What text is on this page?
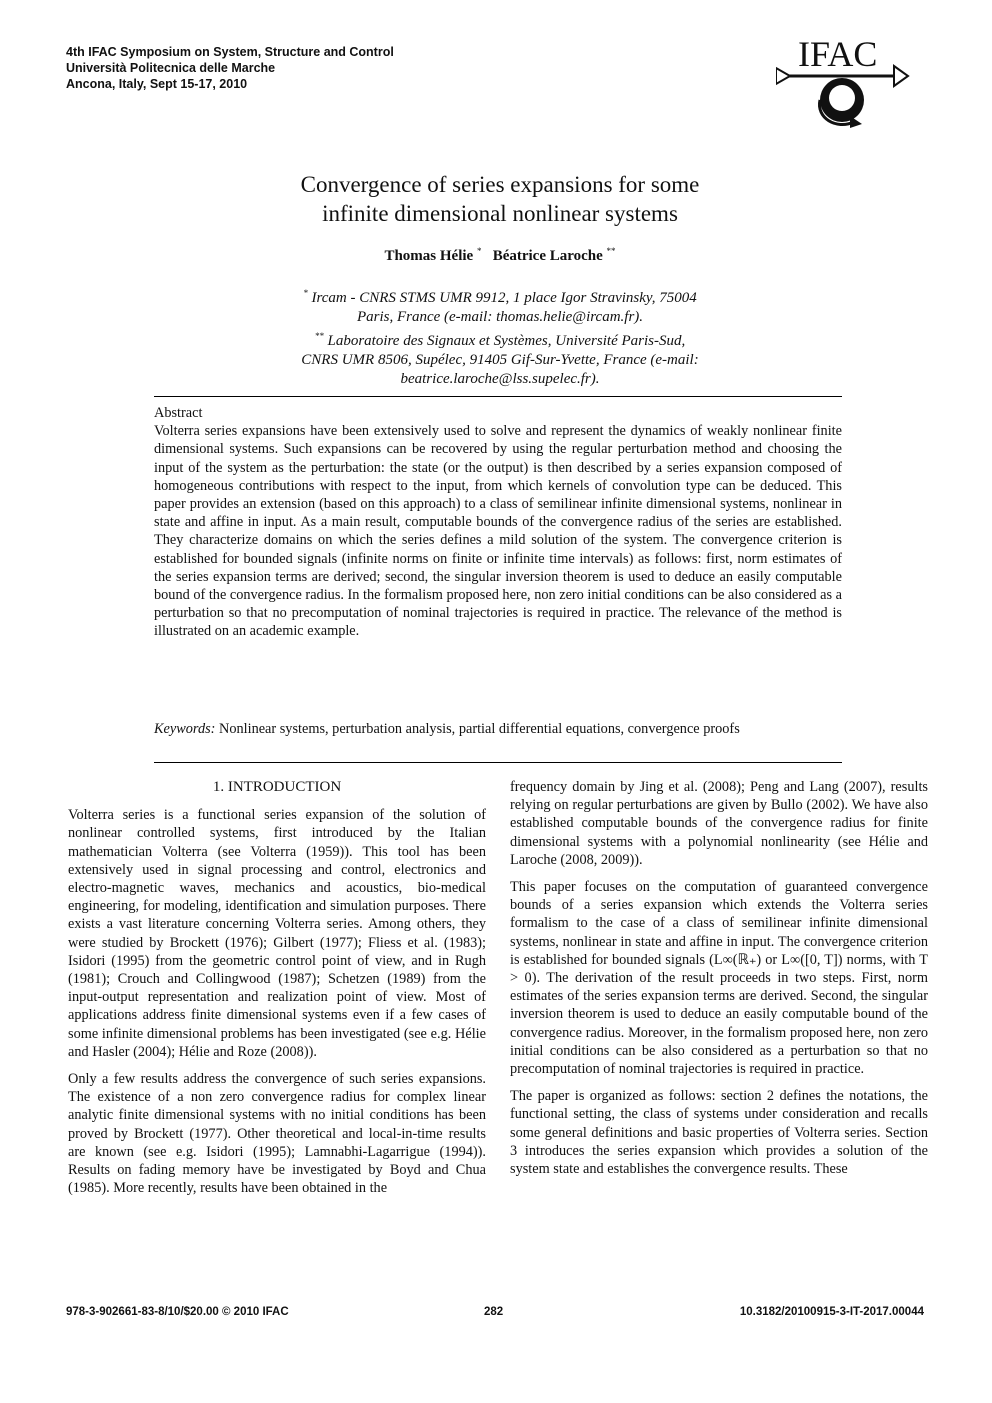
4th IFAC Symposium on System, Structure and Control
Università Politecnica delle Marche
Ancona, Italy, Sept 15-17, 2010
IFAC
Convergence of series expansions for some
infinite dimensional nonlinear systems
Thomas Hélie * Béatrice Laroche **
* Ircam - CNRS STMS UMR 9912, 1 place Igor Stravinsky, 75004
Paris, France (e-mail: thomas.helie@ircam.fr).
** Laboratoire des Signaux et Systèmes, Université Paris-Sud,
CNRS UMR 8506, Supélec, 91405 Gif-Sur-Yvette, France (e-mail:
beatrice.laroche@lss.supelec.fr).
Abstract

Volterra series expansions have been extensively used to solve and represent the dynamics of weakly nonlinear finite dimensional systems. Such expansions can be recovered by using the regular perturbation method and choosing the input of the system as the perturbation: the state (or the output) is then described by a series expansion composed of homogeneous contributions with respect to the input, from which kernels of convolution type can be deduced. This paper provides an extension (based on this approach) to a class of semilinear infinite dimensional systems, nonlinear in state and affine in input. As a main result, computable bounds of the convergence radius of the series are established. They characterize domains on which the series defines a mild solution of the system. The convergence criterion is established for bounded signals (infinite norms on finite or infinite time intervals) as follows: first, norm estimates of the series expansion terms are derived; second, the singular inversion theorem is used to deduce an easily computable bound of the convergence radius. In the formalism proposed here, non zero initial conditions can be also considered as a perturbation so that no precomputation of nominal trajectories is required in practice. The relevance of the method is illustrated on an academic example.

Keywords: Nonlinear systems, perturbation analysis, partial differential equations, convergence proofs
1. INTRODUCTION

Volterra series is a functional series expansion of the solution of nonlinear controlled systems, first introduced by the Italian mathematician Volterra (see Volterra (1959)). This tool has been extensively used in signal processing and control, electronics and electro-magnetic waves, mechanics and acoustics, bio-medical engineering, for modeling, identification and simulation purposes. There exists a vast literature concerning Volterra series. Among others, they were studied by Brockett (1976); Gilbert (1977); Fliess et al. (1983); Isidori (1995) from the geometric control point of view, and in Rugh (1981); Crouch and Collingwood (1987); Schetzen (1989) from the input-output representation and realization point of view. Most of applications address finite dimensional systems even if a few cases of some infinite dimensional problems has been investigated (see e.g. Hélie and Hasler (2004); Hélie and Roze (2008)).

Only a few results address the convergence of such series expansions. The existence of a non zero convergence radius for complex linear analytic finite dimensional systems with no initial conditions has been proved by Brockett (1977). Other theoretical and local-in-time results are known (see e.g. Isidori (1995); Lamnabhi-Lagarrigue (1994)). Results on fading memory have be investigated by Boyd and Chua (1985). More recently, results have been obtained in the

frequency domain by Jing et al. (2008); Peng and Lang (2007), results relying on regular perturbations are given by Bullo (2002). We have also established computable bounds of the convergence radius for finite dimensional systems with a polynomial nonlinearity (see Hélie and Laroche (2008, 2009)).

This paper focuses on the computation of guaranteed convergence bounds of a series expansion which extends the Volterra series formalism to the case of a class of semilinear infinite dimensional systems, nonlinear in state and affine in input. The convergence criterion is established for bounded signals (L∞(ℝ₊) or L∞([0, T]) norms, with T > 0). The derivation of the result proceeds in two steps. First, norm estimates of the series expansion terms are derived. Second, the singular inversion theorem is used to deduce an easily computable bound of the convergence radius. Moreover, in the formalism proposed here, non zero initial conditions can be also considered as a perturbation so that no precomputation of nominal trajectories is required in practice.

The paper is organized as follows: section 2 defines the notations, the functional setting, the class of systems under consideration and recalls some general definitions and basic properties of Volterra series. Section 3 introduces the series expansion which provides a solution of the system state and establishes the convergence results. These

978-3-902661-83-8/10/$20.00 © 2010 IFAC	282	10.3182/20100915-3-IT-2017.00044
